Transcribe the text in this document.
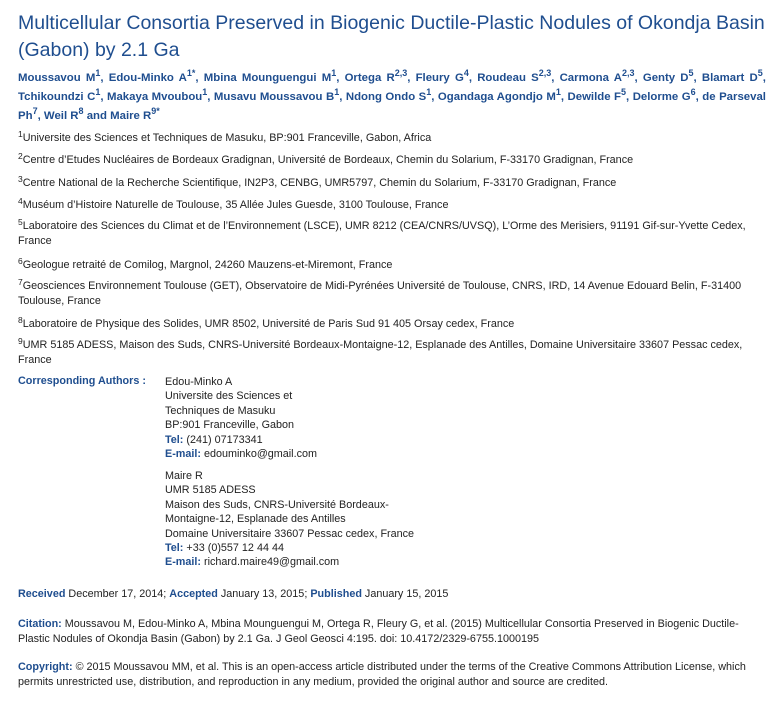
Multicellular Consortia Preserved in Biogenic Ductile-Plastic Nodules of Okondja Basin (Gabon) by 2.1 Ga
Moussavou $M^1$, Edou-Minko $A^{1*}$, Mbina Mounguengui $M^1$, Ortega R$^{2,3}$, Fleury $G^4$, Roudeau S$^{2,3}$, Carmona A$^{2,3}$, Genty $D^5$, Blamart $D^5$, Tchikoundzi $C^1$, Makaya Mvoubou$^1$, Musavu Moussavou $B^1$, Ndong Ondo $S^1$, Ogandaga Agondjo $M^1$, Dewilde $F^5$, Delorme $G^6$, de Parseval Ph$^7$, Weil $R^8$ and Maire $R^{9*}$
$^1$Universite des Sciences et Techniques de Masuku, BP:901 Franceville, Gabon, Africa
$^2$Centre d’Etudes Nucléaires de Bordeaux Gradignan, Université de Bordeaux, Chemin du Solarium, F-33170 Gradignan, France
$^3$Centre National de la Recherche Scientifique, IN2P3, CENBG, UMR5797, Chemin du Solarium, F-33170 Gradignan, France
$^4$Muséum d’Histoire Naturelle de Toulouse, 35 Allée Jules Guesde, 3100 Toulouse, France
$^5$Laboratoire des Sciences du Climat et de l’Environnement (LSCE), UMR 8212 (CEA/CNRS/UVSQ), L’Orme des Merisiers, 91191 Gif-sur-Yvette Cedex, France
$^6$Geologue retraité de Comilog, Margnol, 24260 Mauzens-et-Miremont, France
$^7$Geosciences Environnement Toulouse (GET), Observatoire de Midi-Pyrénées Université de Toulouse, CNRS, IRD, 14 Avenue Edouard Belin, F-31400 Toulouse, France
$^8$Laboratoire de Physique des Solides, UMR 8502, Université de Paris Sud 91 405 Orsay cedex, France
$^9$UMR 5185 ADESS, Maison des Suds, CNRS-Université Bordeaux-Montaigne-12, Esplanade des Antilles, Domaine Universitaire 33607 Pessac cedex, France
Corresponding Authors : Edou-Minko A
Universite des Sciences et
Techniques de Masuku
BP:901 Franceville, Gabon
Tel: (241) 07173341
E-mail: edouminko@gmail.com
Maire R
UMR 5185 ADESS
Maison des Suds, CNRS-Université Bordeaux-
Montaigne-12, Esplanade des Antilles
Domaine Universitaire 33607 Pessac cedex, France
Tel: +33 (0)557 12 44 44
E-mail: richard.maire49@gmail.com
Received December 17, 2014; Accepted January 13, 2015; Published January 15, 2015
Citation: Moussavou M, Edou-Minko A, Mbina Mounguengui M, Ortega R, Fleury G, et al. (2015) Multicellular Consortia Preserved in Biogenic Ductile- Plastic Nodules of Okondja Basin (Gabon) by 2.1 Ga. J Geol Geosci 4:195. doi: 10.4172/2329-6755.1000195
Copyright: © 2015 Moussavou MM, et al. This is an open-access article distributed under the terms of the Creative Commons Attribution License, which permits unrestricted use, distribution, and reproduction in any medium, provided the original author and source are credited.
